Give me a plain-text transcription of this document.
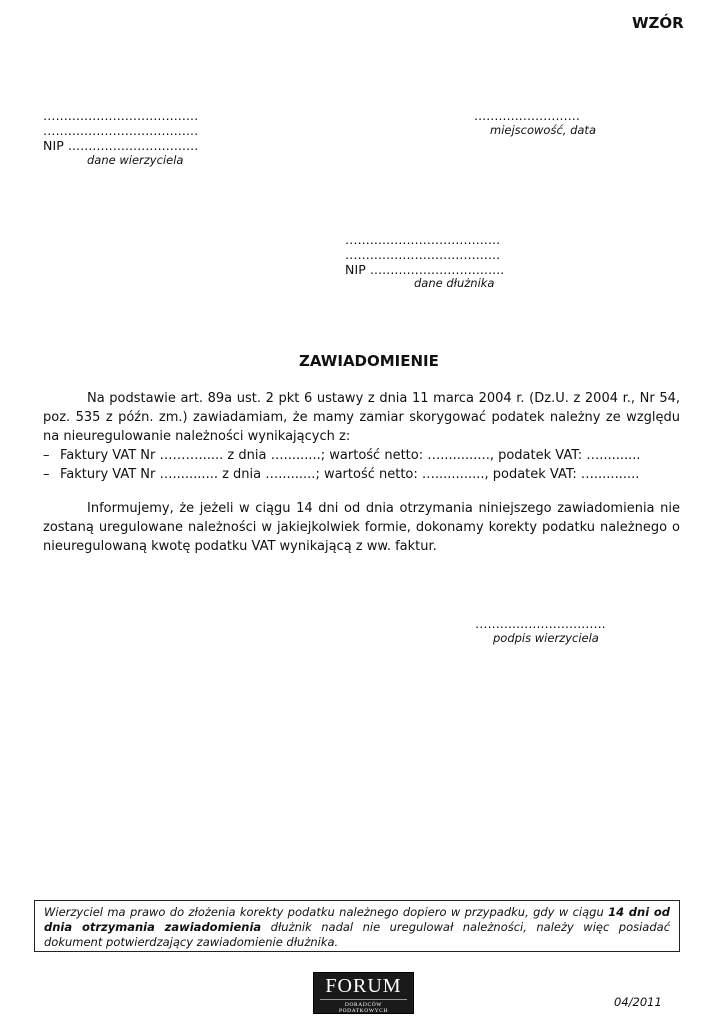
WZÓR
…...................................
…...................................
NIP ................................
dane wierzyciela
..........................
miejscowość, data
…...................................
…...................................
NIP .................................
dane dłużnika
ZAWIADOMIENIE
Na podstawie art. 89a ust. 2 pkt 6 ustawy z dnia 11 marca 2004 r. (Dz.U. z 2004 r., Nr 54, poz. 535 z późn. zm.) zawiadamiam, że mamy zamiar skorygować podatek należny ze względu na nieuregulowanie należności wynikających z:
– Faktury VAT Nr ………...... z dnia ….........; wartość netto: …............, podatek VAT: …..........
– Faktury VAT Nr …........... z dnia ….........; wartość netto: …............, podatek VAT: …...........
Informujemy, że jeżeli w ciągu 14 dni od dnia otrzymania niniejszego zawiadomienia nie zostaną uregulowane należności w jakiejkolwiek formie, dokonamy korekty podatku należnego o nieuregulowaną kwotę podatku VAT wynikającą z ww. faktur.
….............................
podpis wierzyciela
Wierzyciel ma prawo do złożenia korekty podatku należnego dopiero w przypadku, gdy w ciągu 14 dni od dnia otrzymania zawiadomienia dłużnik nadal nie uregulował należności, należy więc posiadać dokument potwierdzający zawiadomienie dłużnika.
FORUM
DORADCÓW PODATKOWYCH
04/2011
